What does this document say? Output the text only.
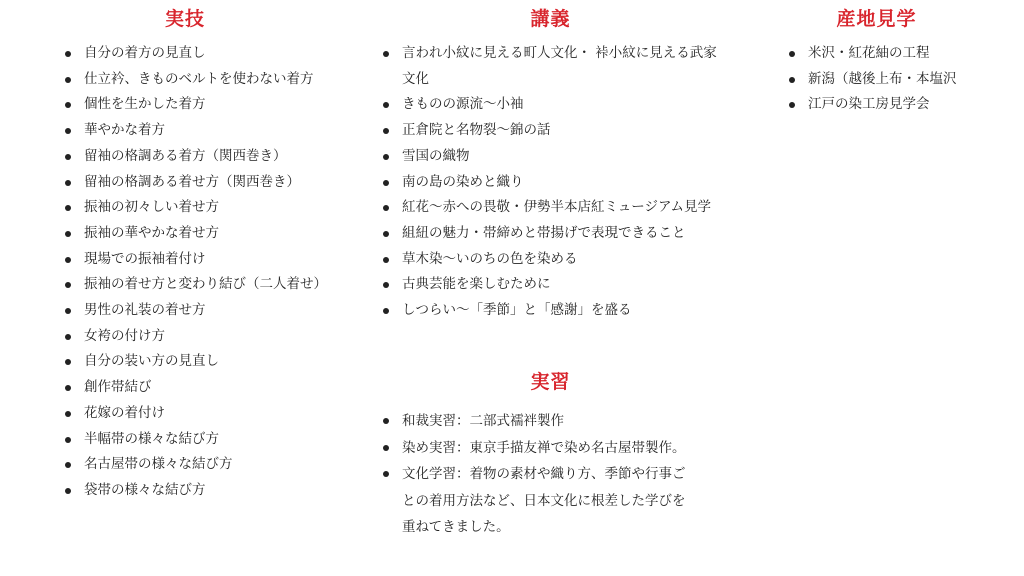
実技
自分の着方の見直し
仕立衿、きものベルトを使わない着方
個性を生かした着方
華やかな着方
留袖の格調ある着方（関西巻き）
留袖の格調ある着せ方（関西巻き）
振袖の初々しい着せ方
振袖の華やかな着せ方
現場での振袖着付け
振袖の着せ方と変わり結び（二人着せ）
男性の礼装の着せ方
女袴の付け方
自分の装い方の見直し
創作帯結び
花嫁の着付け
半幅帯の様々な結び方
名古屋帯の様々な結び方
袋帯の様々な結び方
講義
言われ小紋に見える町人文化・ 裃小紋に見える武家文化
きものの源流〜小袖
正倉院と名物裂〜錦の話
雪国の織物
南の島の染めと織り
紅花〜赤への畏敬・伊勢半本店紅ミュージアム見学
組紐の魅力・帯締めと帯揚げで表現できること
草木染〜いのちの色を染める
古典芸能を楽しむために
しつらい〜「季節」と「感謝」を盛る
産地見学
米沢・紅花紬の工程
新潟（越後上布・本塩沢
江戸の染工房見学会
実習
和裁実習：二部式襦袢製作
染め実習：東京手描友禅で染め名古屋帯製作。
文化学習：着物の素材や織り方、季節や行事ごとの着用方法など、日本文化に根差した学びを重ねてきました。
